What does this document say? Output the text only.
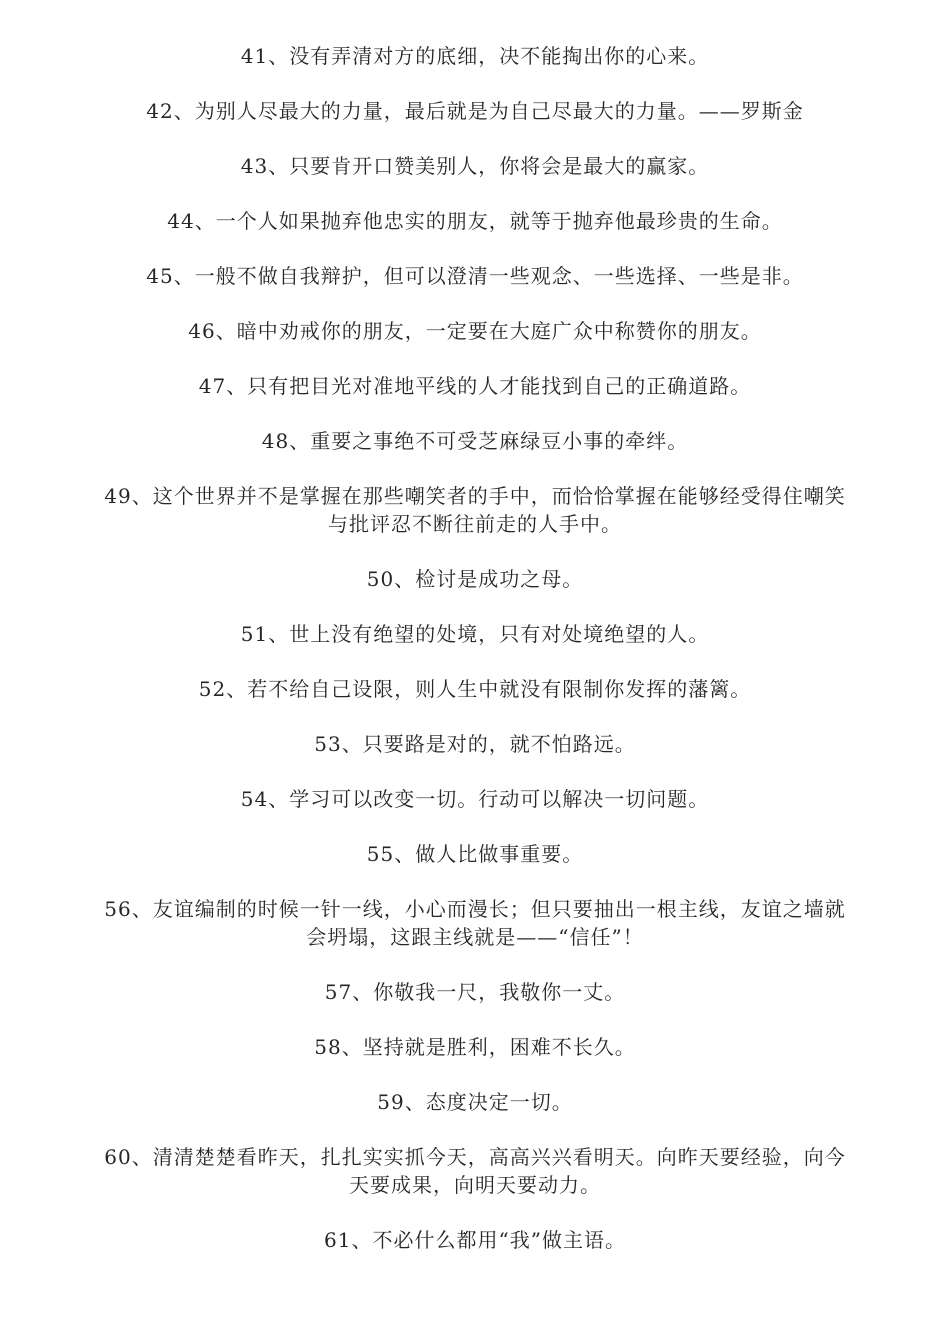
41、没有弄清对方的底细，决不能掏出你的心来。
42、为别人尽最大的力量，最后就是为自己尽最大的力量。——罗斯金
43、只要肯开口赞美别人，你将会是最大的赢家。
44、一个人如果抛弃他忠实的朋友，就等于抛弃他最珍贵的生命。
45、一般不做自我辩护，但可以澄清一些观念、一些选择、一些是非。
46、暗中劝戒你的朋友，一定要在大庭广众中称赞你的朋友。
47、只有把目光对准地平线的人才能找到自己的正确道路。
48、重要之事绝不可受芝麻绿豆小事的牵绊。
49、这个世界并不是掌握在那些嘲笑者的手中，而恰恰掌握在能够经受得住嘲笑与批评忍不断往前走的人手中。
50、检讨是成功之母。
51、世上没有绝望的处境，只有对处境绝望的人。
52、若不给自己设限，则人生中就没有限制你发挥的藩篱。
53、只要路是对的，就不怕路远。
54、学习可以改变一切。行动可以解决一切问题。
55、做人比做事重要。
56、友谊编制的时候一针一线，小心而漫长；但只要抽出一根主线，友谊之墙就会坍塌，这跟主线就是——“信任”！
57、你敬我一尺，我敬你一丈。
58、坚持就是胜利，困难不长久。
59、态度决定一切。
60、清清楚楚看昨天，扎扎实实抓今天，高高兴兴看明天。向昨天要经验，向今天要成果，向明天要动力。
61、不必什么都用“我”做主语。
